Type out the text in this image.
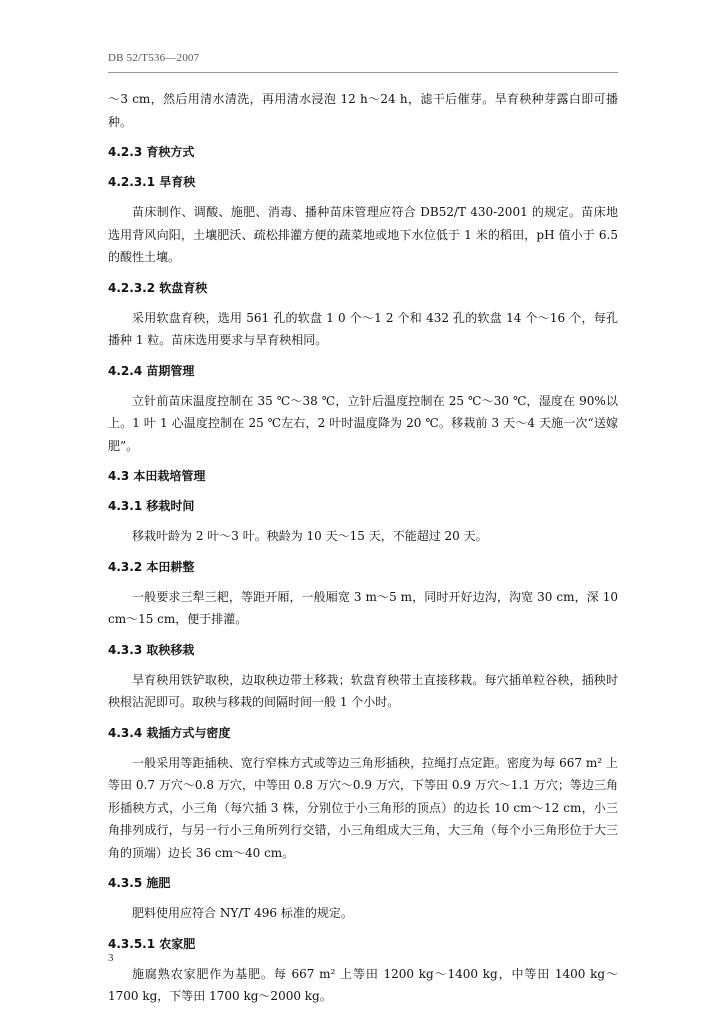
DB 52/T536—2007

～3 cm，然后用清水清洗，再用清水浸泡 12 h～24 h，滤干后催芽。旱育秧种芽露白即可播种。

4.2.3 育秧方式
4.2.3.1 旱育秧

苗床制作、调酸、施肥、消毒、播种苗床管理应符合 DB52/T 430-2001 的规定。苗床地选用背风向阳，土壤肥沃、疏松排灌方便的蔬菜地或地下水位低于 1 米的稻田，pH 值小于 6.5 的酸性土壤。

4.2.3.2 软盘育秧

采用软盘育秧，选用 561 孔的软盘 1 0 个～1 2 个和 432 孔的软盘 14 个～16 个，每孔播种 1 粒。苗床选用要求与旱育秧相同。

4.2.4 苗期管理

立针前苗床温度控制在 35 ℃～38 ℃，立针后温度控制在 25 ℃～30 ℃，湿度在 90%以上。1 叶 1 心温度控制在 25 ℃左右，2 叶时温度降为 20 ℃。移栽前 3 天～4 天施一次“送嫁肥”。

4.3 本田栽培管理
4.3.1 移栽时间

移栽叶龄为 2 叶～3 叶。秧龄为 10 天～15 天，不能超过 20 天。

4.3.2 本田耕整

一般要求三犁三耙，等距开厢，一般厢宽 3 m～5 m，同时开好边沟，沟宽 30 cm，深 10 cm～15 cm，便于排灌。

4.3.3 取秧移栽

旱育秧用铁铲取秧，边取秧边带土移栽；软盘育秧带土直接移栽。每穴插单粒谷秧，插秧时秧根沾泥即可。取秧与移栽的间隔时间一般 1 个小时。

4.3.4 栽插方式与密度

一般采用等距插秧、宽行窄株方式或等边三角形插秧，拉绳打点定距。密度为每 667 m² 上等田 0.7 万穴～0.8 万穴，中等田 0.8 万穴～0.9 万穴，下等田 0.9 万穴～1.1 万穴；等边三角形插秧方式，小三角（每穴插 3 株，分别位于小三角形的顶点）的边长 10 cm～12 cm，小三角排列成行，与另一行小三角所列行交错，小三角组成大三角，大三角（每个小三角形位于大三角的顶端）边长 36 cm～40 cm。

4.3.5 施肥

肥料使用应符合 NY/T 496 标准的规定。

4.3.5.1 农家肥

施腐熟农家肥作为基肥。每 667 m² 上等田 1200 kg～1400 kg，中等田 1400 kg～1700 kg，下等田 1700 kg～2000 kg。

3
